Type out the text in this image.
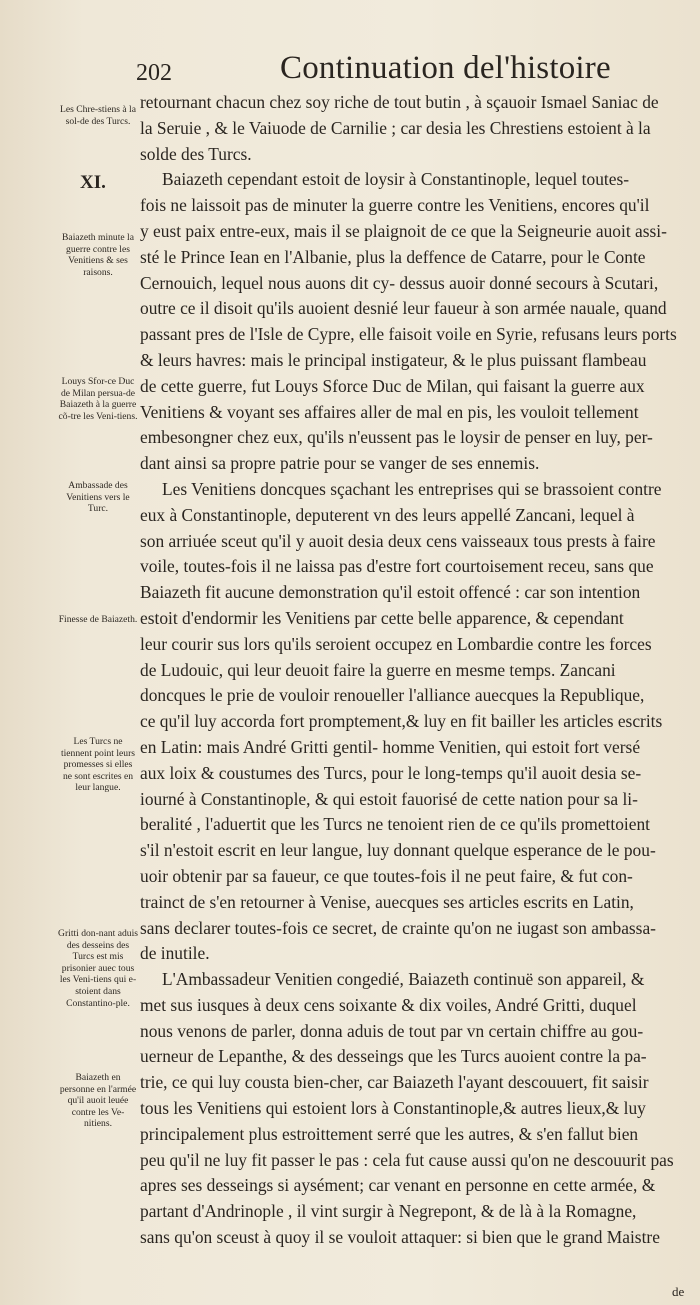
202	Continuation del'histoire
XI.
Les Chre-stiens à la sol-de des Turcs.
Baiazeth minute la guerre contre les Venitiens & ses raisons.
Louys Sfor-ce Duc de Milan persua-de Baiazeth à la guerre cõ-tre les Veni-tiens.
Ambassade des Venitiens vers le Turc.
Finesse de Baiazeth.
Les Turcs ne tiennent point leurs promesses si elles ne sont escrites en leur langue.
Gritti don-nant aduis des desseins des Turcs est mis prisonier auec tous les Veni-tiens qui e-stoient dans Constantino-ple.
Baiazeth en personne en l'armée qu'il auoit leuée contre les Ve-nitiens.
retournant chacun chez soy riche de tout butin , à sçauoir Ismael Saniac de
la Seruie , & le Vaiuode de Carnilie ; car desia les Chrestiens estoient à la
solde des Turcs.
Baiazeth cependant estoit de loysir à Constantinople, lequel toutes-
fois ne laissoit pas de minuter la guerre contre les Venitiens, encores qu'il
y eust paix entre-eux, mais il se plaignoit de ce que la Seigneurie auoit assi-
sté le Prince Iean en l'Albanie, plus la deffence de Catarre, pour le Conte
Cernouich, lequel nous auons dit cy- dessus auoir donné secours à Scutari,
outre ce il disoit qu'ils auoient desnié leur faueur à son armée nauale, quand
passant pres de l'Isle de Cypre, elle faisoit voile en Syrie, refusans leurs ports
& leurs havres: mais le principal instigateur, & le plus puissant flambeau
de cette guerre, fut Louys Sforce Duc de Milan, qui faisant la guerre aux
Venitiens & voyant ses affaires aller de mal en pis, les vouloit tellement
embesongner chez eux, qu'ils n'eussent pas le loysir de penser en luy, per-
dant ainsi sa propre patrie pour se vanger de ses ennemis.
Les Venitiens doncques sçachant les entreprises qui se brassoient contre
eux à Constantinople, deputerent vn des leurs appellé Zancani, lequel à
son arriuée sceut qu'il y auoit desia deux cens vaisseaux tous prests à faire
voile, toutes-fois il ne laissa pas d'estre fort courtoisement receu, sans que
Baiazeth fit aucune demonstration qu'il estoit offencé : car son intention
estoit d'endormir les Venitiens par cette belle apparence, & cependant
leur courir sus lors qu'ils seroient occupez en Lombardie contre les forces
de Ludouic, qui leur deuoit faire la guerre en mesme temps. Zancani
doncques le prie de vouloir renoueller l'alliance auecques la Republique,
ce qu'il luy accorda fort promptement,& luy en fit bailler les articles escrits
en Latin: mais André Gritti gentil- homme Venitien, qui estoit fort versé
aux loix & coustumes des Turcs, pour le long-temps qu'il auoit desia se-
iourné à Constantinople, & qui estoit fauorisé de cette nation pour sa li-
beralité , l'aduertit que les Turcs ne tenoient rien de ce qu'ils promettoient
s'il n'estoit escrit en leur langue, luy donnant quelque esperance de le pou-
uoir obtenir par sa faueur, ce que toutes-fois il ne peut faire, & fut con-
trainct de s'en retourner à Venise, auecques ses articles escrits en Latin,
sans declarer toutes-fois ce secret, de crainte qu'on ne iugast son ambassa-
de inutile.
L'Ambassadeur Venitien congedié, Baiazeth continuë son appareil, &
met sus iusques à deux cens soixante & dix voiles, André Gritti, duquel
nous venons de parler, donna aduis de tout par vn certain chiffre au gou-
uerneur de Lepanthe, & des desseings que les Turcs auoient contre la pa-
trie, ce qui luy cousta bien-cher, car Baiazeth l'ayant descouuert, fit saisir
tous les Venitiens qui estoient lors à Constantinople,& autres lieux,& luy
principalement plus estroittement serré que les autres, & s'en fallut bien
peu qu'il ne luy fit passer le pas : cela fut cause aussi qu'on ne descouurit pas
apres ses desseings si aysément; car venant en personne en cette armée, &
partant d'Andrinople , il vint surgir à Negrepont, & de là à la Romagne,
sans qu'on sceust à quoy il se vouloit attaquer: si bien que le grand Maistre
de
